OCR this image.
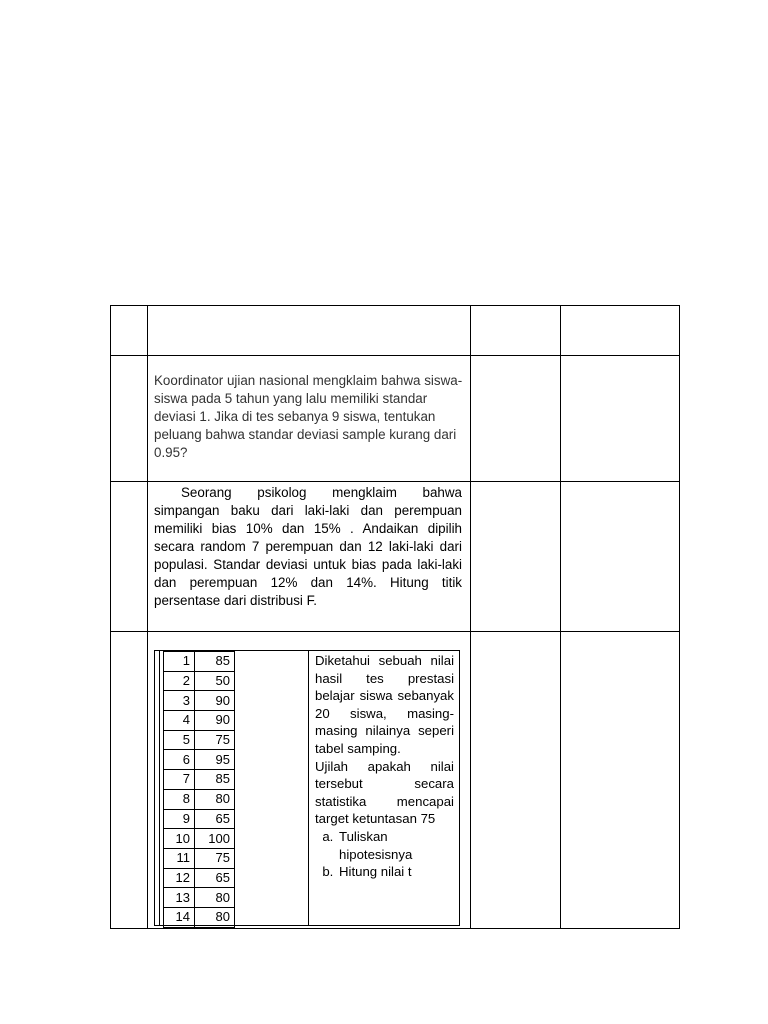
Koordinator ujian nasional mengklaim bahwa siswa-siswa pada 5 tahun yang lalu memiliki standar deviasi 1. Jika di tes sebanya 9 siswa, tentukan peluang bahwa standar deviasi sample kurang dari 0.95?

Seorang psikolog mengklaim bahwa simpangan baku dari laki-laki dan perempuan memiliki bias 10% dan 15% . Andaikan dipilih secara random 7 perempuan dan 12 laki-laki dari populasi. Standar deviasi untuk bias pada laki-laki dan perempuan 12% dan 14%. Hitung titik persentase dari distribusi F.

1	85
2	50
3	90
4	90
5	75
6	95
7	85
8	80
9	65
10	100
11	75
12	65
13	80
14	80

Diketahui sebuah nilai hasil tes prestasi belajar siswa sebanyak 20 siswa, masing-masing nilainya seperi tabel samping.

Ujilah apakah nilai tersebut secara statistika mencapai target ketuntasan 75

a. Tuliskan hipotesisnya
b. Hitung nilai t
